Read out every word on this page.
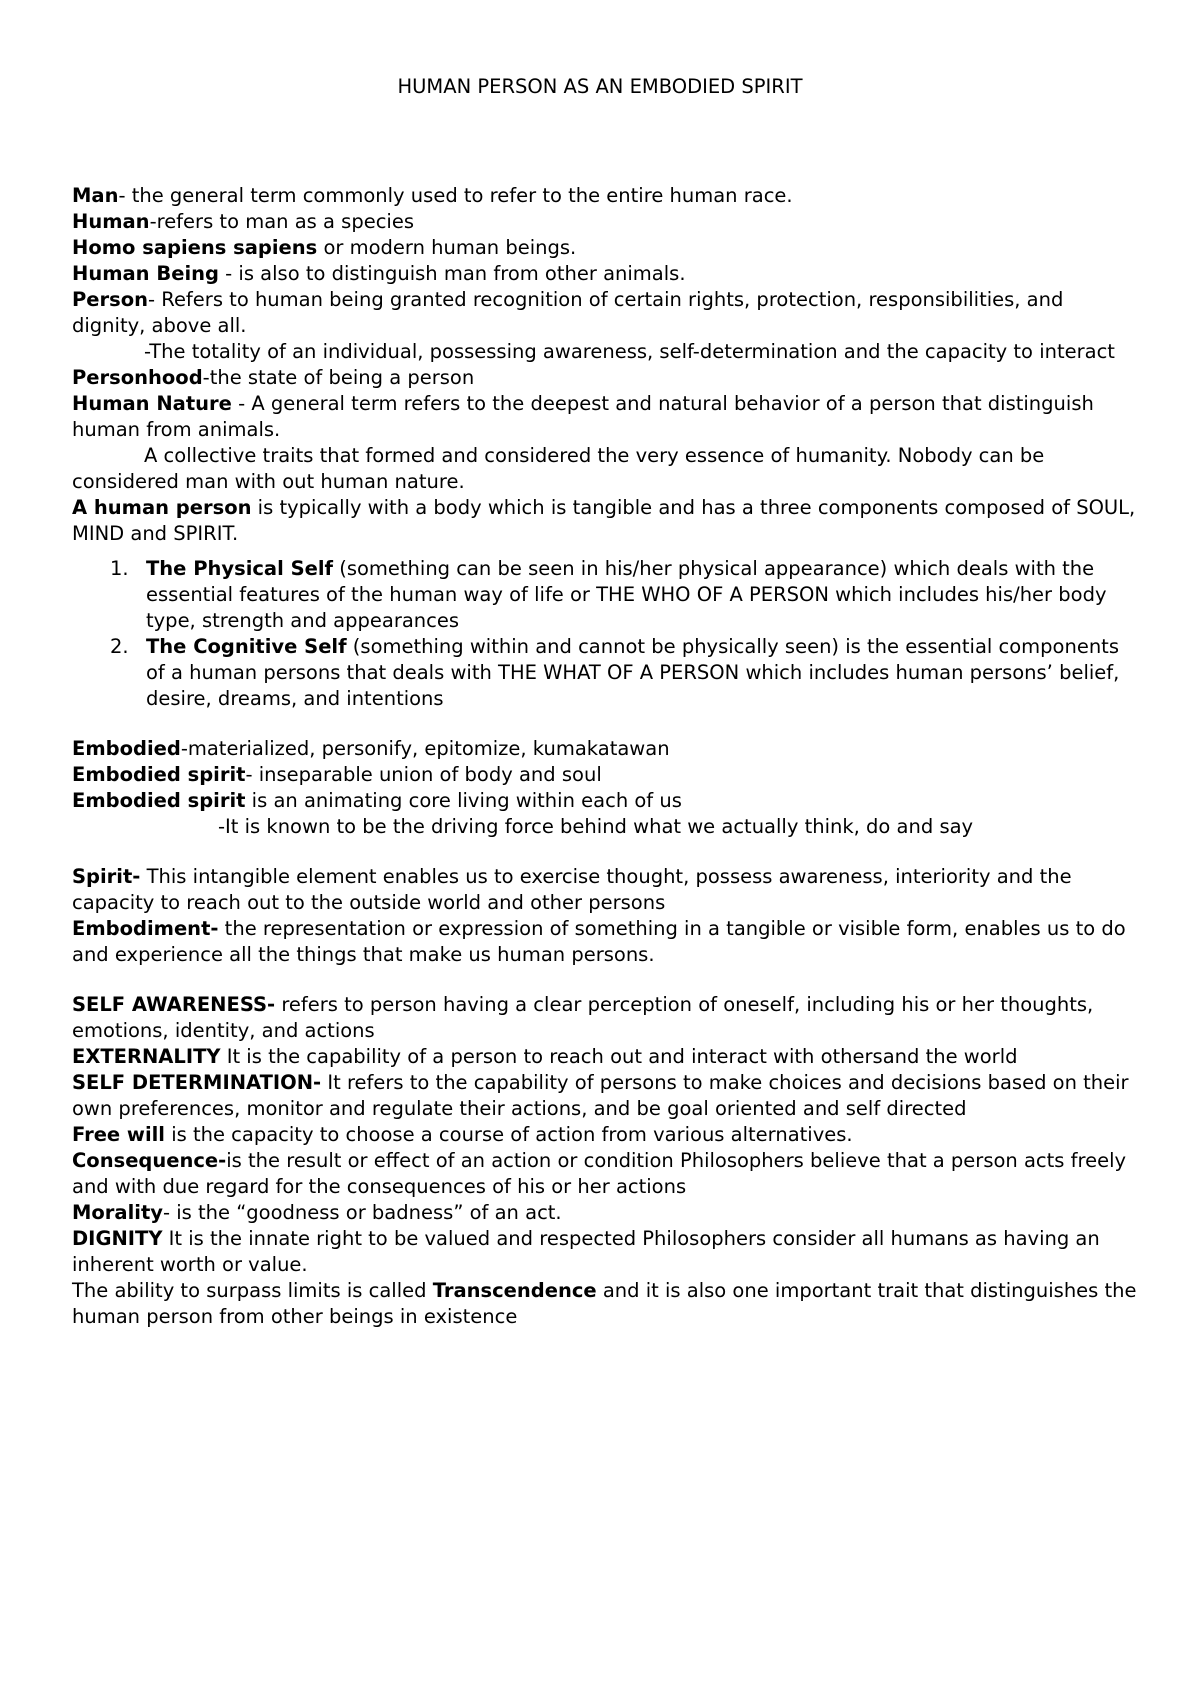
HUMAN PERSON AS AN EMBODIED SPIRIT

Man- the general term commonly used to refer to the entire human race.

Human-refers to man as a species

Homo sapiens sapiens or modern human beings.

Human Being - is also to distinguish man from other animals.

Person- Refers to human being granted recognition of certain rights, protection, responsibilities, and dignity, above all.

-The totality of an individual, possessing awareness, self-determination and the capacity to interact

Personhood-the state of being a person

Human Nature - A general term refers to the deepest and natural behavior of a person that distinguish human from animals.

A collective traits that formed and considered the very essence of humanity. Nobody can be considered man with out human nature.

A human person is typically with a body which is tangible and has a three components composed of SOUL, MIND and SPIRIT.

1. The Physical Self (something can be seen in his/her physical appearance) which deals with the essential features of the human way of life or THE WHO OF A PERSON which includes his/her body type, strength and appearances
2. The Cognitive Self (something within and cannot be physically seen) is the essential components of a human persons that deals with THE WHAT OF A PERSON which includes human persons’ belief, desire, dreams, and intentions

Embodied-materialized, personify, epitomize, kumakatawan

Embodied spirit- inseparable union of body and soul

Embodied spirit is an animating core living within each of us

-It is known to be the driving force behind what we actually think, do and say

Spirit- This intangible element enables us to exercise thought, possess awareness, interiority and the capacity to reach out to the outside world and other persons

Embodiment- the representation or expression of something in a tangible or visible form, enables us to do and experience all the things that make us human persons.

SELF AWARENESS- refers to person having a clear perception of oneself, including his or her thoughts, emotions, identity, and actions

EXTERNALITY It is the capability of a person to reach out and interact with othersand the world

SELF DETERMINATION- It refers to the capability of persons to make choices and decisions based on their own preferences, monitor and regulate their actions, and be goal oriented and self directed

Free will is the capacity to choose a course of action from various alternatives.

Consequence-is the result or effect of an action or condition Philosophers believe that a person acts freely and with due regard for the consequences of his or her actions

Morality- is the “goodness or badness” of an act.

DIGNITY It is the innate right to be valued and respected Philosophers consider all humans as having an inherent worth or value.

The ability to surpass limits is called Transcendence and it is also one important trait that distinguishes the human person from other beings in existence
